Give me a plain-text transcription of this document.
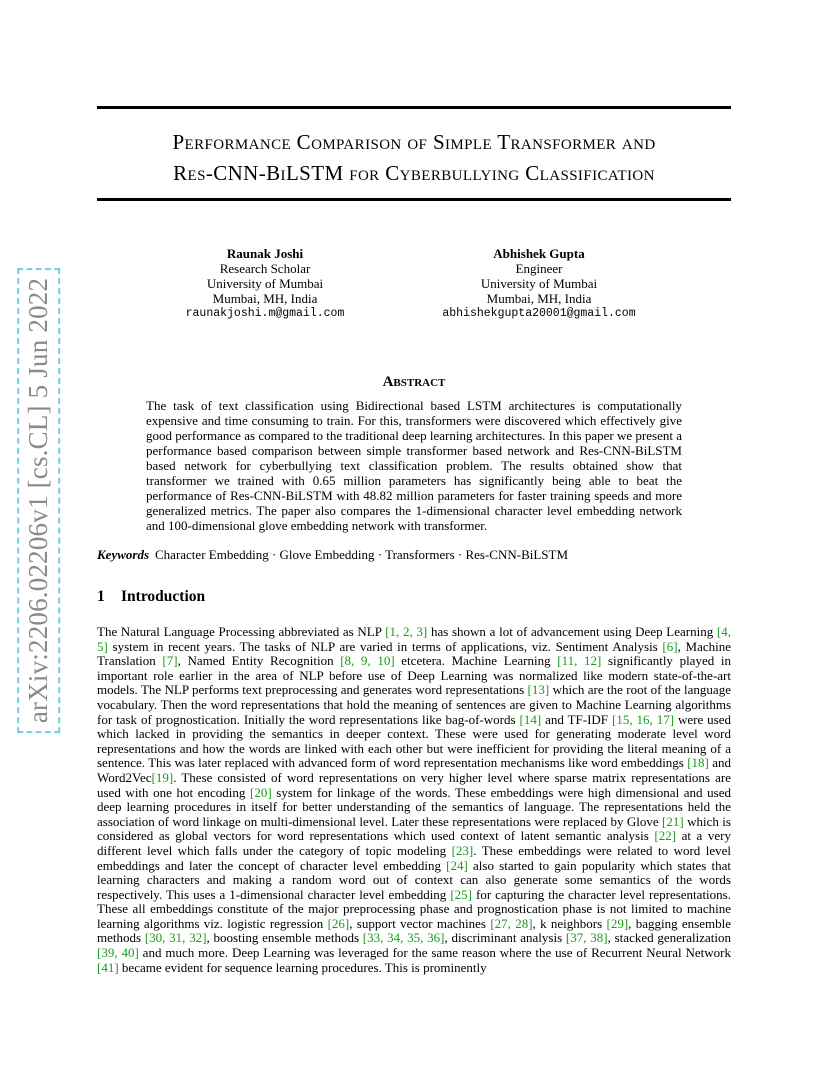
arXiv:2206.02206v1 [cs.CL] 5 Jun 2022
Performance Comparison of Simple Transformer and
Res-CNN-BiLSTM for Cyberbullying Classification
Raunak Joshi
Research Scholar
University of Mumbai
Mumbai, MH, India
raunakjoshi.m@gmail.com
Abhishek Gupta
Engineer
University of Mumbai
Mumbai, MH, India
abhishekgupta20001@gmail.com
Abstract

The task of text classification using Bidirectional based LSTM architectures is computationally expensive and time consuming to train. For this, transformers were discovered which effectively give good performance as compared to the traditional deep learning architectures. In this paper we present a performance based comparison between simple transformer based network and Res-CNN-BiLSTM based network for cyberbullying text classification problem. The results obtained show that transformer we trained with 0.65 million parameters has significantly being able to beat the performance of Res-CNN-BiLSTM with 48.82 million parameters for faster training speeds and more generalized metrics. The paper also compares the 1-dimensional character level embedding network and 100-dimensional glove embedding network with transformer.

Keywords Character Embedding · Glove Embedding · Transformers · Res-CNN-BiLSTM

1 Introduction

The Natural Language Processing abbreviated as NLP [1, 2, 3] has shown a lot of advancement using Deep Learning [4, 5] system in recent years. The tasks of NLP are varied in terms of applications, viz. Sentiment Analysis [6], Machine Translation [7], Named Entity Recognition [8, 9, 10] etcetera. Machine Learning [11, 12] significantly played in important role earlier in the area of NLP before use of Deep Learning was normalized like modern state-of-the-art models. The NLP performs text preprocessing and generates word representations [13] which are the root of the language vocabulary. Then the word representations that hold the meaning of sentences are given to Machine Learning algorithms for task of prognostication. Initially the word representations like bag-of-words [14] and TF-IDF [15, 16, 17] were used which lacked in providing the semantics in deeper context. These were used for generating moderate level word representations and how the words are linked with each other but were inefficient for providing the literal meaning of a sentence. This was later replaced with advanced form of word representation mechanisms like word embeddings [18] and Word2Vec[19]. These consisted of word representations on very higher level where sparse matrix representations are used with one hot encoding [20] system for linkage of the words. These embeddings were high dimensional and used deep learning procedures in itself for better understanding of the semantics of language. The representations held the association of word linkage on multi-dimensional level. Later these representations were replaced by Glove [21] which is considered as global vectors for word representations which used context of latent semantic analysis [22] at a very different level which falls under the category of topic modeling [23]. These embeddings were related to word level embeddings and later the concept of character level embedding [24] also started to gain popularity which states that learning characters and making a random word out of context can also generate some semantics of the words respectively. This uses a 1-dimensional character level embedding [25] for capturing the character level representations. These all embeddings constitute of the major preprocessing phase and prognostication phase is not limited to machine learning algorithms viz. logistic regression [26], support vector machines [27, 28], k neighbors [29], bagging ensemble methods [30, 31, 32], boosting ensemble methods [33, 34, 35, 36], discriminant analysis [37, 38], stacked generalization [39, 40] and much more. Deep Learning was leveraged for the same reason where the use of Recurrent Neural Network [41] became evident for sequence learning procedures. This is prominently
